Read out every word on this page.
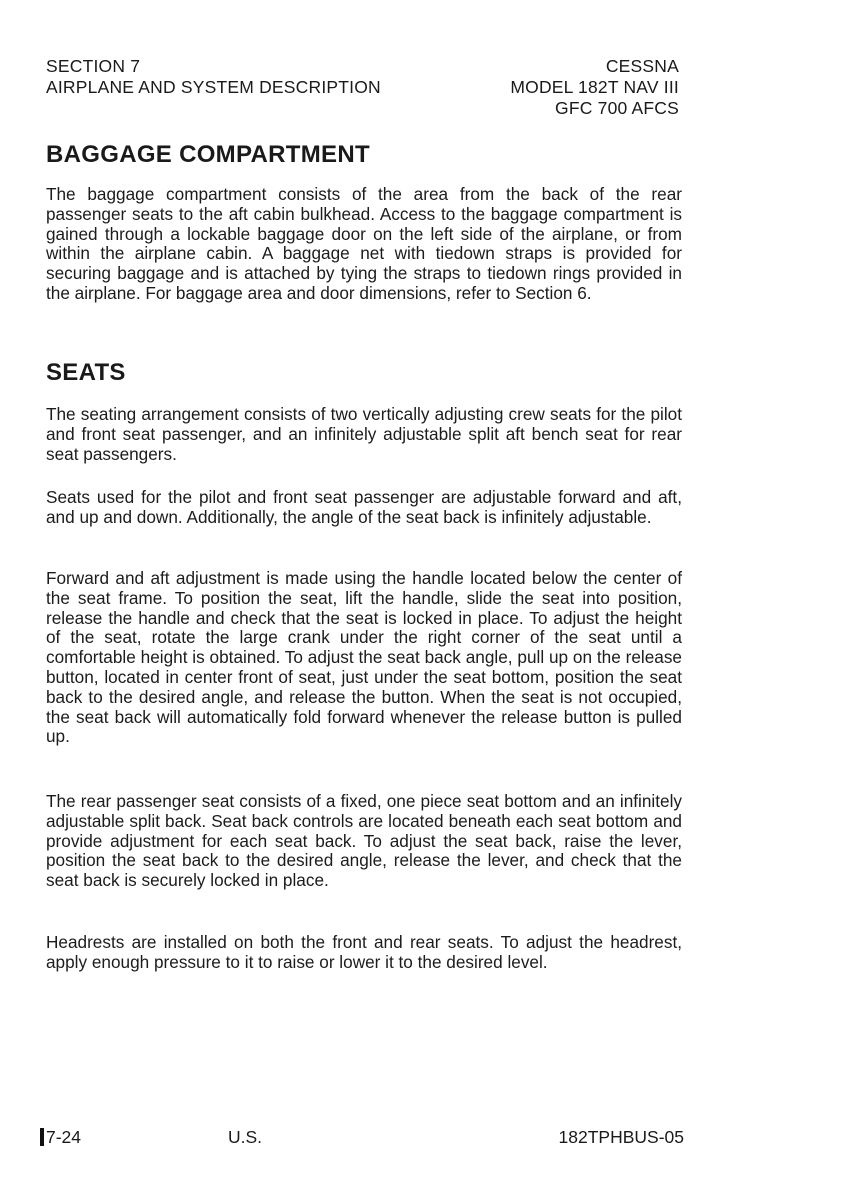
SECTION 7
AIRPLANE AND SYSTEM DESCRIPTION
CESSNA
MODEL 182T NAV III
GFC 700 AFCS
BAGGAGE COMPARTMENT

The baggage compartment consists of the area from the back of the rear passenger seats to the aft cabin bulkhead. Access to the baggage compartment is gained through a lockable baggage door on the left side of the airplane, or from within the airplane cabin. A baggage net with tiedown straps is provided for securing baggage and is attached by tying the straps to tiedown rings provided in the airplane. For baggage area and door dimensions, refer to Section 6.

SEATS

The seating arrangement consists of two vertically adjusting crew seats for the pilot and front seat passenger, and an infinitely adjustable split aft bench seat for rear seat passengers.

Seats used for the pilot and front seat passenger are adjustable forward and aft, and up and down. Additionally, the angle of the seat back is infinitely adjustable.

Forward and aft adjustment is made using the handle located below the center of the seat frame. To position the seat, lift the handle, slide the seat into position, release the handle and check that the seat is locked in place. To adjust the height of the seat, rotate the large crank under the right corner of the seat until a comfortable height is obtained. To adjust the seat back angle, pull up on the release button, located in center front of seat, just under the seat bottom, position the seat back to the desired angle, and release the button. When the seat is not occupied, the seat back will automatically fold forward whenever the release button is pulled up.

The rear passenger seat consists of a fixed, one piece seat bottom and an infinitely adjustable split back. Seat back controls are located beneath each seat bottom and provide adjustment for each seat back. To adjust the seat back, raise the lever, position the seat back to the desired angle, release the lever, and check that the seat back is securely locked in place.

Headrests are installed on both the front and rear seats. To adjust the headrest, apply enough pressure to it to raise or lower it to the desired level.

7-24	U.S.	182TPHBUS-05
